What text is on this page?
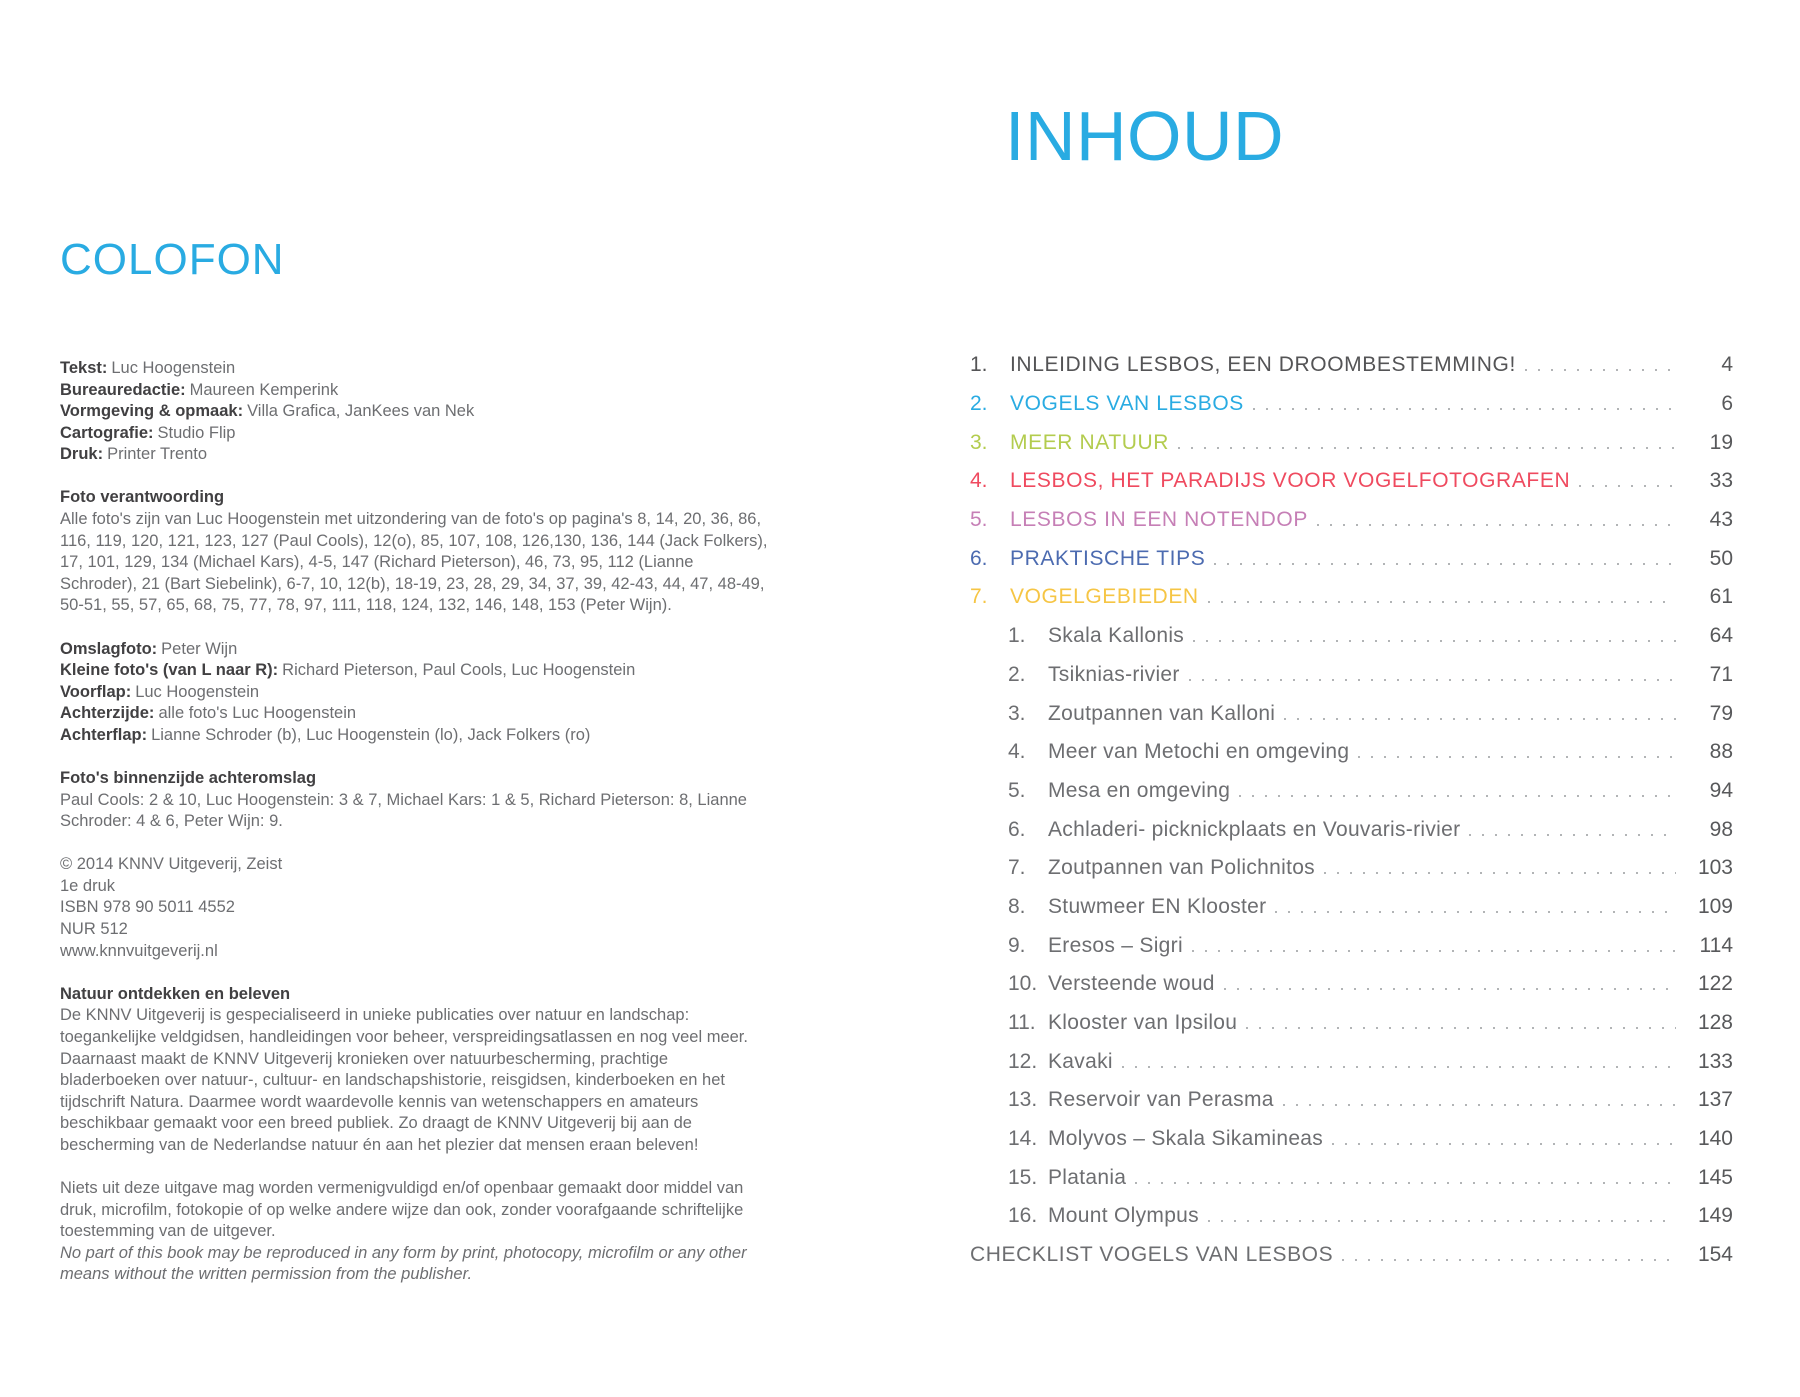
COLOFON

Tekst: Luc Hoogenstein

Bureauredactie: Maureen Kemperink

Vormgeving & opmaak: Villa Grafica, JanKees van Nek

Cartografie: Studio Flip

Druk: Printer Trento

Foto verantwoording

Alle foto's zijn van Luc Hoogenstein met uitzondering van de foto's op pagina's 8, 14, 20, 36, 86, 116, 119, 120, 121, 123, 127 (Paul Cools), 12(o), 85, 107, 108, 126,130, 136, 144 (Jack Folkers), 17, 101, 129, 134 (Michael Kars), 4-5, 147 (Richard Pieterson), 46, 73, 95, 112 (Lianne Schroder), 21 (Bart Siebelink), 6-7, 10, 12(b), 18-19, 23, 28, 29, 34, 37, 39, 42-43, 44, 47, 48-49, 50-51, 55, 57, 65, 68, 75, 77, 78, 97, 111, 118, 124, 132, 146, 148, 153 (Peter Wijn).

Omslagfoto: Peter Wijn

Kleine foto's (van L naar R): Richard Pieterson, Paul Cools, Luc Hoogenstein

Voorflap: Luc Hoogenstein

Achterzijde: alle foto's Luc Hoogenstein

Achterflap: Lianne Schroder (b), Luc Hoogenstein (lo), Jack Folkers (ro)

Foto's binnenzijde achteromslag

Paul Cools: 2 & 10, Luc Hoogenstein: 3 & 7, Michael Kars: 1 & 5, Richard Pieterson: 8, Lianne Schroder: 4 & 6, Peter Wijn: 9.

© 2014 KNNV Uitgeverij, Zeist

1e druk

ISBN 978 90 5011 4552

NUR 512

www.knnvuitgeverij.nl

Natuur ontdekken en beleven

De KNNV Uitgeverij is gespecialiseerd in unieke publicaties over natuur en landschap: toegankelijke veldgidsen, handleidingen voor beheer, verspreidingsatlassen en nog veel meer. Daarnaast maakt de KNNV Uitgeverij kronieken over natuurbescherming, prachtige bladerboeken over natuur-, cultuur- en landschapshistorie, reisgidsen, kinderboeken en het tijdschrift Natura. Daarmee wordt waardevolle kennis van wetenschappers en amateurs beschikbaar gemaakt voor een breed publiek. Zo draagt de KNNV Uitgeverij bij aan de bescherming van de Nederlandse natuur én aan het plezier dat mensen eraan beleven!

Niets uit deze uitgave mag worden vermenigvuldigd en/of openbaar gemaakt door middel van druk, microfilm, fotokopie of op welke andere wijze dan ook, zonder voorafgaande schriftelijke toestemming van de uitgever.

No part of this book may be reproduced in any form by print, photocopy, microfilm or any other means without the written permission from the publisher.

INHOUD
1.	INLEIDING LESBOS, EEN DROOMBESTEMMING!	4
2.	VOGELS VAN LESBOS	6
3.	MEER NATUUR	19
4.	LESBOS, HET PARADIJS VOOR VOGELFOTOGRAFEN	33
5.	LESBOS IN EEN NOTENDOP	43
6.	PRAKTISCHE TIPS	50
7.	VOGELGEBIEDEN	61
1.	Skala Kallonis	64
2.	Tsiknias-rivier	71
3.	Zoutpannen van Kalloni	79
4.	Meer van Metochi en omgeving	88
5.	Mesa en omgeving	94
6.	Achladeri- picknickplaats en Vouvaris-rivier	98
7.	Zoutpannen van Polichnitos	103
8.	Stuwmeer EN Klooster	109
9.	Eresos – Sigri	114
10. Versteende woud	122
11. Klooster van Ipsilou	128
12. Kavaki	133
13. Reservoir van Perasma	137
14. Molyvos – Skala Sikamineas	140
15. Platania	145
16. Mount Olympus	149
CHECKLIST VOGELS VAN LESBOS	154
